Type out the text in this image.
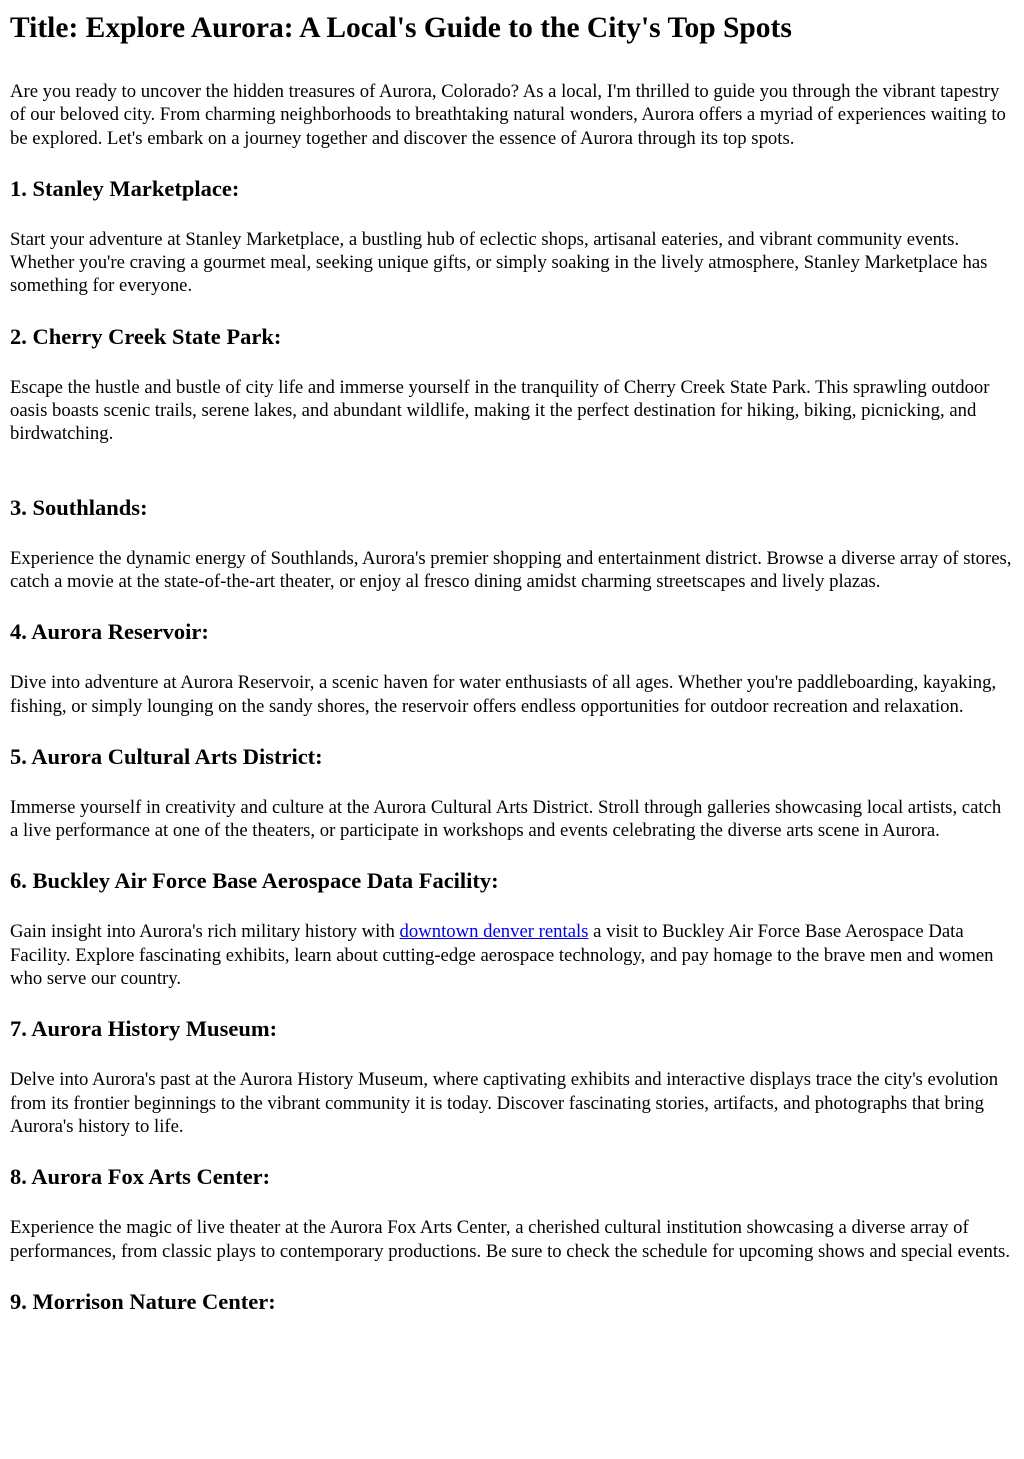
Title: Explore Aurora: A Local's Guide to the City's Top Spots

Are you ready to uncover the hidden treasures of Aurora, Colorado? As a local, I'm thrilled to guide you through the vibrant tapestry of our beloved city. From charming neighborhoods to breathtaking natural wonders, Aurora offers a myriad of experiences waiting to be explored. Let's embark on a journey together and discover the essence of Aurora through its top spots.

1. Stanley Marketplace:

Start your adventure at Stanley Marketplace, a bustling hub of eclectic shops, artisanal eateries, and vibrant community events. Whether you're craving a gourmet meal, seeking unique gifts, or simply soaking in the lively atmosphere, Stanley Marketplace has something for everyone.

2. Cherry Creek State Park:

Escape the hustle and bustle of city life and immerse yourself in the tranquility of Cherry Creek State Park. This sprawling outdoor oasis boasts scenic trails, serene lakes, and abundant wildlife, making it the perfect destination for hiking, biking, picnicking, and birdwatching.

3. Southlands:

Experience the dynamic energy of Southlands, Aurora's premier shopping and entertainment district. Browse a diverse array of stores, catch a movie at the state-of-the-art theater, or enjoy al fresco dining amidst charming streetscapes and lively plazas.

4. Aurora Reservoir:

Dive into adventure at Aurora Reservoir, a scenic haven for water enthusiasts of all ages. Whether you're paddleboarding, kayaking, fishing, or simply lounging on the sandy shores, the reservoir offers endless opportunities for outdoor recreation and relaxation.

5. Aurora Cultural Arts District:

Immerse yourself in creativity and culture at the Aurora Cultural Arts District. Stroll through galleries showcasing local artists, catch a live performance at one of the theaters, or participate in workshops and events celebrating the diverse arts scene in Aurora.

6. Buckley Air Force Base Aerospace Data Facility:

Gain insight into Aurora's rich military history with downtown denver rentals a visit to Buckley Air Force Base Aerospace Data Facility. Explore fascinating exhibits, learn about cutting-edge aerospace technology, and pay homage to the brave men and women who serve our country.

7. Aurora History Museum:

Delve into Aurora's past at the Aurora History Museum, where captivating exhibits and interactive displays trace the city's evolution from its frontier beginnings to the vibrant community it is today. Discover fascinating stories, artifacts, and photographs that bring Aurora's history to life.

8. Aurora Fox Arts Center:

Experience the magic of live theater at the Aurora Fox Arts Center, a cherished cultural institution showcasing a diverse array of performances, from classic plays to contemporary productions. Be sure to check the schedule for upcoming shows and special events.

9. Morrison Nature Center:
